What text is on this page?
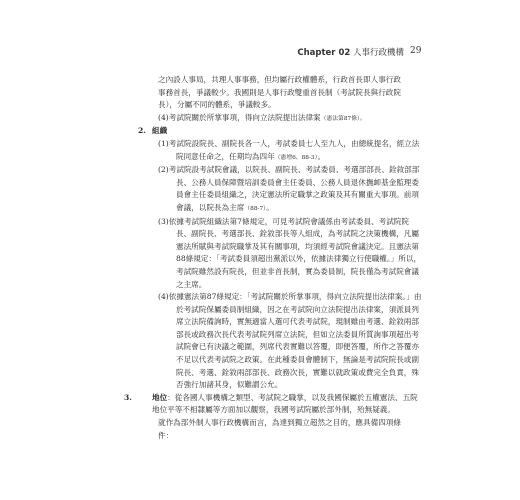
Chapter 02 人事行政機構 29
之內設人事局，共理人事事務，但均屬行政權體系，行政首長即人事行政事務首長，爭議較少。我國則是人事行政雙重首長制（考試院長與行政院長），分屬不同的體系，爭議較多。
(4)考試院關於所掌事項，得向立法院提出法律案（憲法第87條）。
2. 組織
(1)考試院設院長、副院長各一人，考試委員七人至九人，由總統提名，經立法院同意任命之，任期均為四年（憲增6、88-3）。
(2)考試院設考試院會議，以院長、副院長、考試委員、考選部部長、銓敘部部長、公務人員保障暨培訓委員會主任委員、公務人員退休撫卹基金監理委員會主任委員組織之，決定憲法所定職掌之政策及其有關重大事項。前項會議，以院長為主席（88-7）。
(3)依據考試院組織法第7條規定，可見考試院會議係由考試委員、考試院院長、副院長、考選部長、銓敘部長等人組成，為考試院之決策機構，凡屬憲法所賦與考試院職掌及其有關事項，均須經考試院會議決定。且憲法第88條規定：「考試委員須超出黨派以外，依據法律獨立行使職權。」所以，考試院雖然設有院長，但並非首長制，實為委員制，院長僅為考試院會議之主席。
(4)依據憲法第87條規定：「考試院關於所掌事項，得向立法院提出法律案。」由於考試院保屬委員制組織，因之在考試院向立法院提出法律案，須派員列席立法院備詢時，實無適當人選可代表考試院，現制雖由考選、銓敘兩部部長或政務次長代表考試院列席立法院，但如立法委員所質詢事項超出考試院會已有決議之範圍，列席代表實難以答覆，即便答覆，所作之答覆亦不足以代表考試院之政策。在此種委員會體制下，無論是考試院院長或副院長、考選、銓敘兩部部長、政務次長，實難以就政策或費完全負責，殊否強行加諸其身，似難謂公允。
3.	地位：從各國人事機構之類型、考試院之職掌，以及我國保屬於五權憲法、五院地位平等不相隸屬等方面加以觀察，我國考試院屬於部外制，殆無疑義。
就作為部外制人事行政機構而言，為達到獨立超然之目的，應具備四項條件：
